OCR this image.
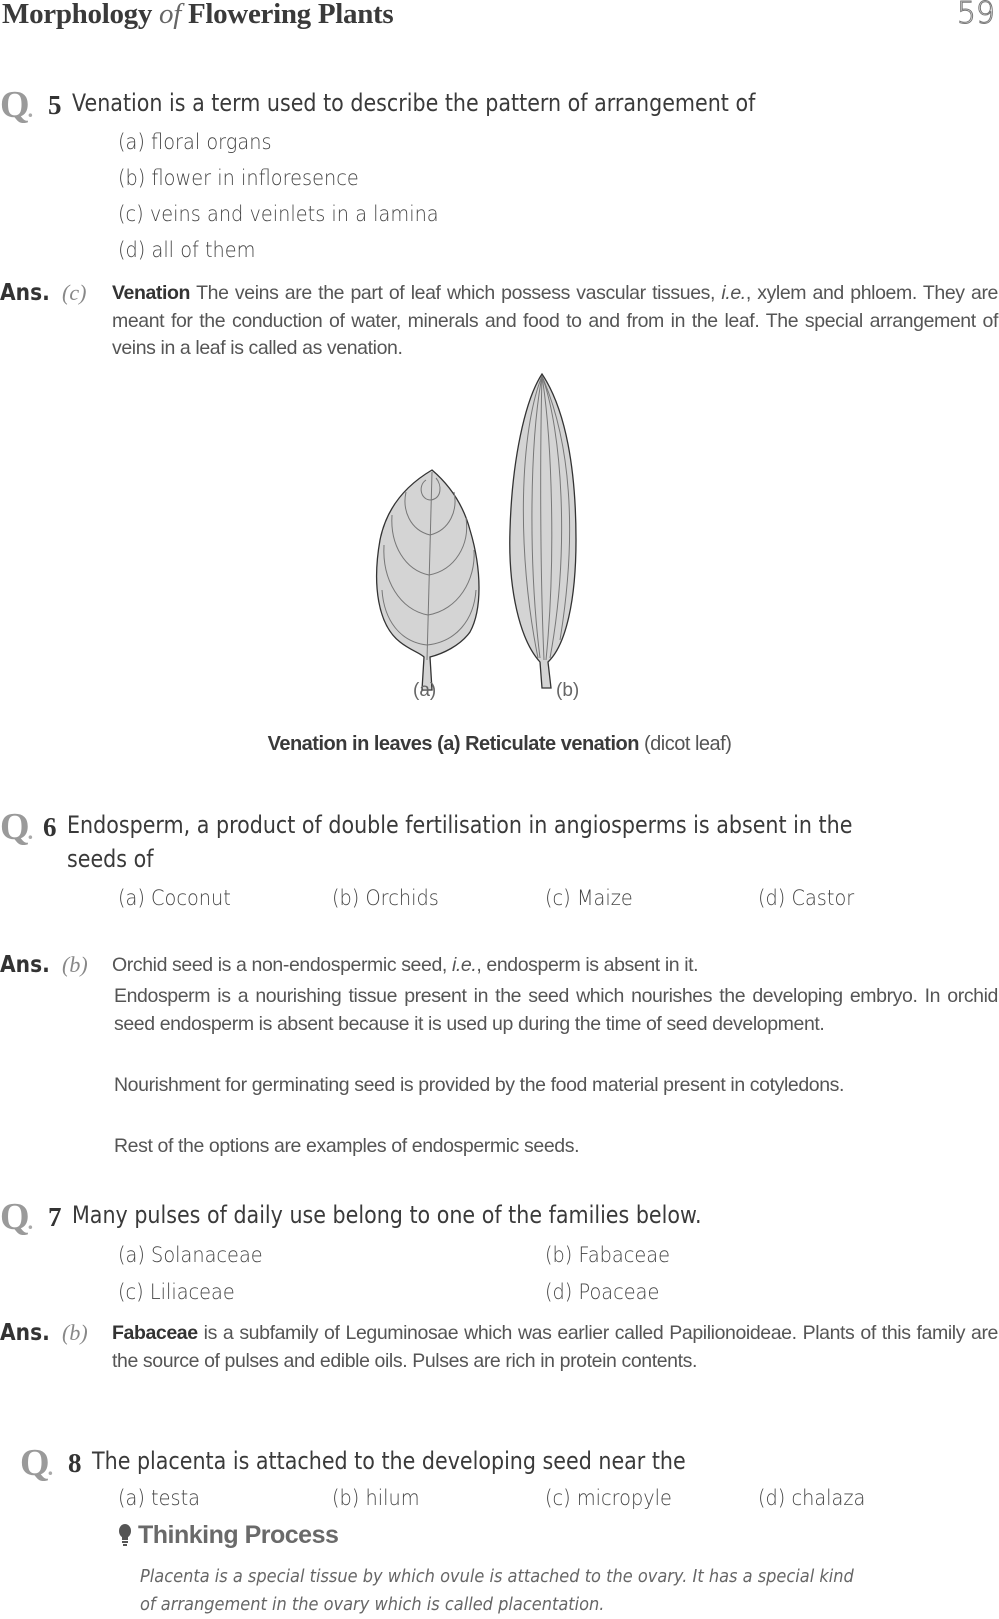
Morphology of Flowering Plants	59
Q. 5 Venation is a term used to describe the pattern of arrangement of
(a) floral organs
(b) flower in infloresence
(c) veins and veinlets in a lamina
(d) all of them
Ans. (c) Venation The veins are the part of leaf which possess vascular tissues, i.e., xylem and phloem. They are meant for the conduction of water, minerals and food to and from in the leaf. The special arrangement of veins in a leaf is called as venation.
(a)	(b)
Venation in leaves (a) Reticulate venation (dicot leaf)
Q. 6 Endosperm, a product of double fertilisation in angiosperms is absent in the seeds of
(a) Coconut	(b) Orchids	(c) Maize	(d) Castor
Ans. (b) Orchid seed is a non-endospermic seed, i.e., endosperm is absent in it.
Endosperm is a nourishing tissue present in the seed which nourishes the developing embryo. In orchid seed endosperm is absent because it is used up during the time of seed development.
Nourishment for germinating seed is provided by the food material present in cotyledons.
Rest of the options are examples of endospermic seeds.
Q. 7 Many pulses of daily use belong to one of the families below.
(a) Solanaceae	(b) Fabaceae
(c) Liliaceae	(d) Poaceae
Ans. (b) Fabaceae is a subfamily of Leguminosae which was earlier called Papilionoideae. Plants of this family are the source of pulses and edible oils. Pulses are rich in protein contents.
Q. 8 The placenta is attached to the developing seed near the
(a) testa	(b) hilum	(c) micropyle	(d) chalaza
Thinking Process
Placenta is a special tissue by which ovule is attached to the ovary. It has a special kind of arrangement in the ovary which is called placentation.
